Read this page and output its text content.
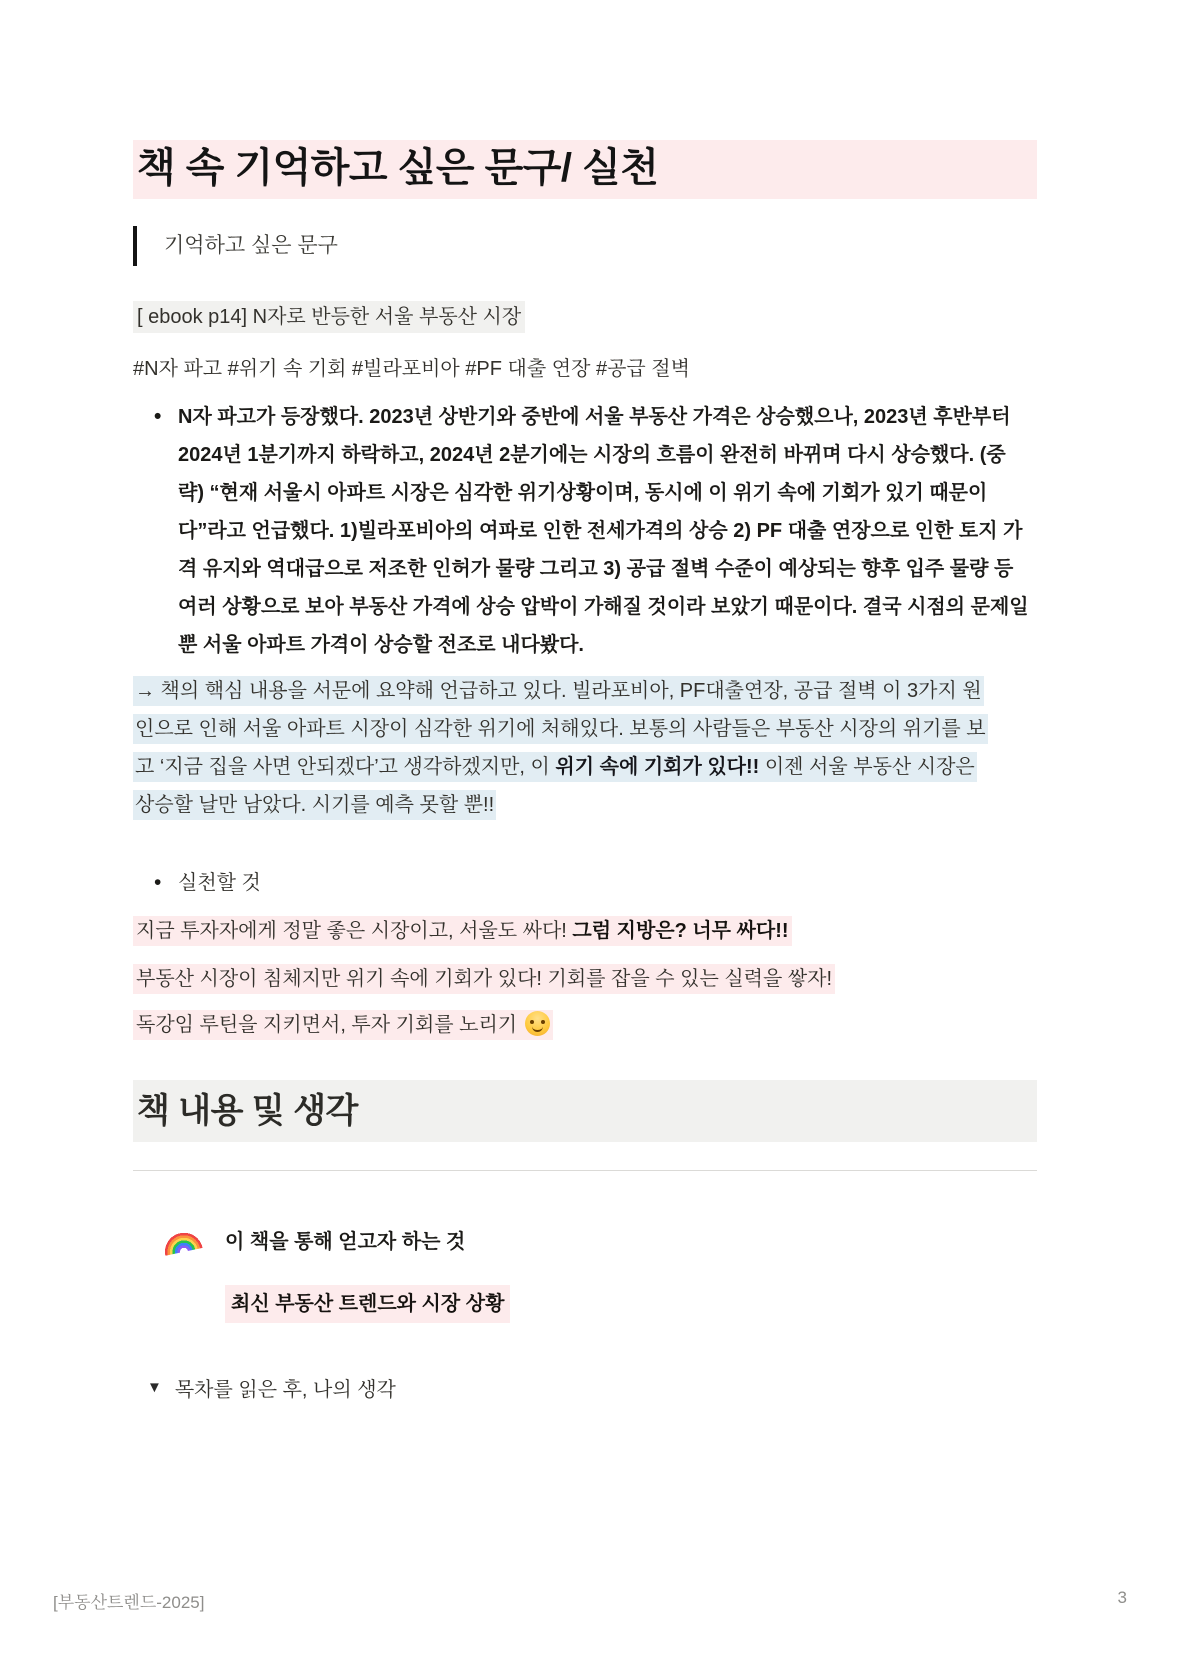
책 속 기억하고 싶은 문구/ 실천
기억하고 싶은 문구

[ ebook p14] N자로 반등한 서울 부동산 시장

#N자 파고 #위기 속 기회 #빌라포비아 #PF 대출 연장 #공급 절벽

• N자 파고가 등장했다. 2023년 상반기와 중반에 서울 부동산 가격은 상승했으나, 2023년 후반부터 2024년 1분기까지 하락하고, 2024년 2분기에는 시장의 흐름이 완전히 바뀌며 다시 상승했다. (중략) “현재 서울시 아파트 시장은 심각한 위기상황이며, 동시에 이 위기 속에 기회가 있기 때문이다”라고 언급했다. 1)빌라포비아의 여파로 인한 전세가격의 상승 2) PF 대출 연장으로 인한 토지 가격 유지와 역대급으로 저조한 인허가 물량 그리고 3) 공급 절벽 수준이 예상되는 향후 입주 물량 등 여러 상황으로 보아 부동산 가격에 상승 압박이 가해질 것이라 보았기 때문이다. 결국 시점의 문제일 뿐 서울 아파트 가격이 상승할 전조로 내다봤다.

→ 책의 핵심 내용을 서문에 요약해 언급하고 있다. 빌라포비아, PF대출연장, 공급 절벽 이 3가지 원인으로 인해 서울 아파트 시장이 심각한 위기에 처해있다. 보통의 사람들은 부동산 시장의 위기를 보고 ‘지금 집을 사면 안되겠다’고 생각하겠지만, 이 위기 속에 기회가 있다!! 이젠 서울 부동산 시장은 상승할 날만 남았다. 시기를 예측 못할 뿐!!

• 실천할 것

지금 투자자에게 정말 좋은 시장이고, 서울도 싸다! 그럼 지방은? 너무 싸다!!

부동산 시장이 침체지만 위기 속에 기회가 있다! 기회를 잡을 수 있는 실력을 쌓자!

독강임 루틴을 지키면서, 투자 기회를 노리기

책 내용 및 생각
이 책을 통해 얻고자 하는 것
최신 부동산 트렌드와 시장 상황
▼ 목차를 읽은 후, 나의 생각
[부동산트렌드-2025]	3
